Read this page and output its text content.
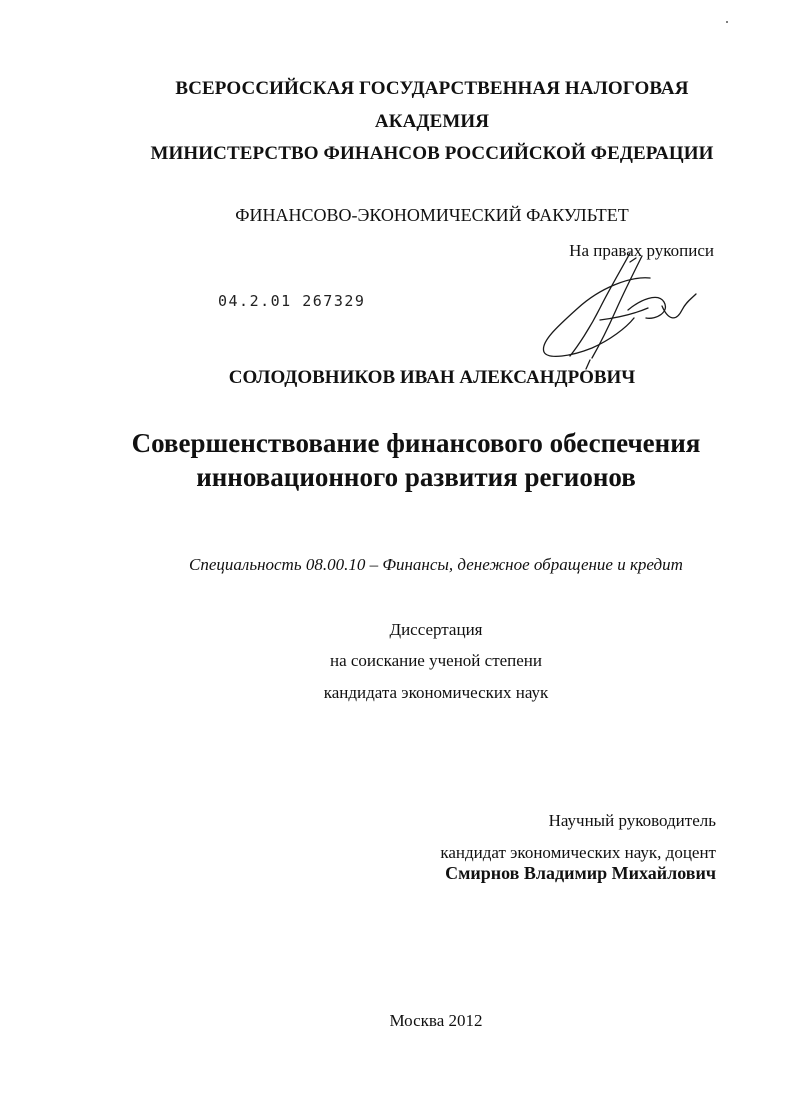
ВСЕРОССИЙСКАЯ ГОСУДАРСТВЕННАЯ НАЛОГОВАЯ
АКАДЕМИЯ
МИНИСТЕРСТВО ФИНАНСОВ РОССИЙСКОЙ ФЕДЕРАЦИИ
ФИНАНСОВО-ЭКОНОМИЧЕСКИЙ ФАКУЛЬТЕТ
На правах рукописи
04.2.01 267329
СОЛОДОВНИКОВ ИВАН АЛЕКСАНДРОВИЧ
Совершенствование финансового обеспечения
инновационного развития регионов
Специальность 08.00.10 – Финансы, денежное обращение и кредит
Диссертация
на соискание ученой степени
кандидата экономических наук
Научный руководитель
кандидат экономических наук, доцент
Смирнов Владимир Михайлович
Москва 2012
